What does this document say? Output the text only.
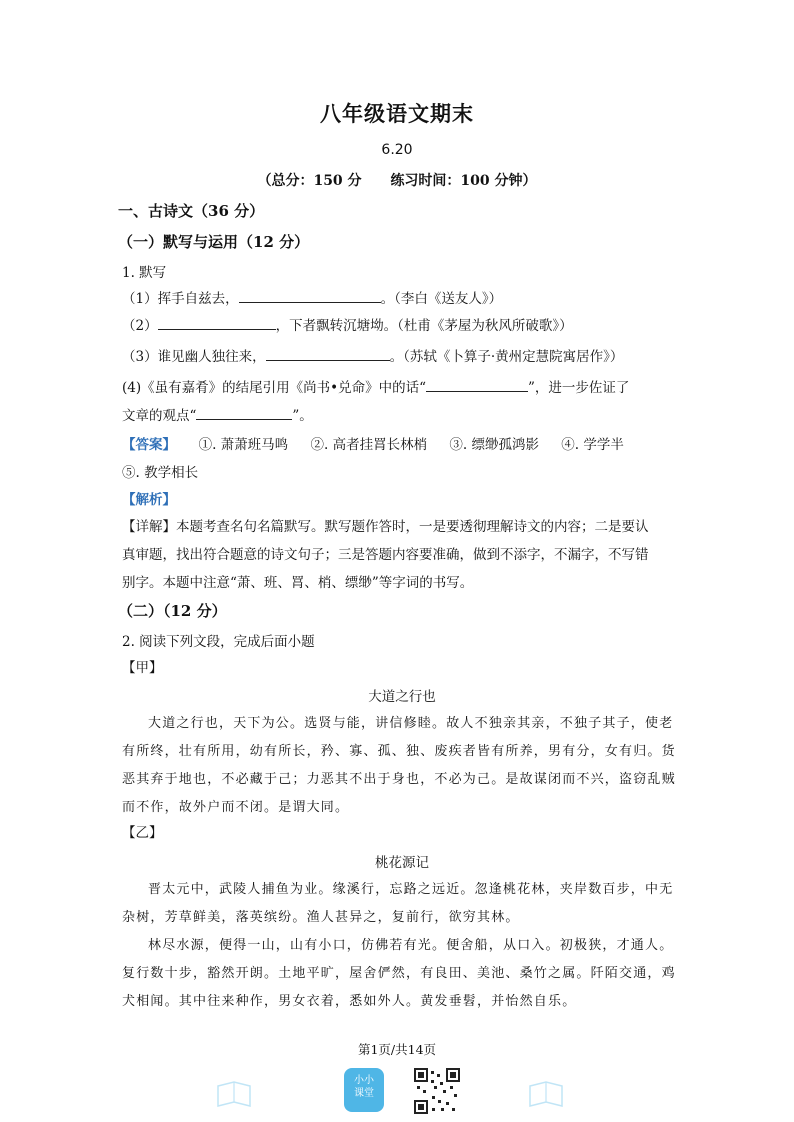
八年级语文期末
6.20
（总分：150 分 练习时间：100 分钟）
一、古诗文（36 分）
（一）默写与运用（12 分）
1. 默写
（1）挥手自兹去，	。（李白《送友人》）
（2）	，下者飘转沉塘坳。（杜甫《茅屋为秋风所破歌》）
（3）谁见幽人独往来，	。（苏轼《卜算子·黄州定慧院寓居作》）
(4)《虽有嘉肴》的结尾引用《尚书•兑命》中的话“	”，进一步佐证了
文章的观点“	”。
【答案】 ①. 萧萧班马鸣 ②. 高者挂罥长林梢 ③. 缥缈孤鸿影 ④. 学学半
⑤. 教学相长
【解析】
【详解】本题考查名句名篇默写。默写题作答时，一是要透彻理解诗文的内容；二是要认
真审题，找出符合题意的诗文句子；三是答题内容要准确，做到不添字，不漏字，不写错
别字。本题中注意“萧、班、罥、梢、缥缈”等字词的书写。
（二）（12 分）
2. 阅读下列文段，完成后面小题
【甲】
大道之行也
大道之行也，天下为公。选贤与能，讲信修睦。故人不独亲其亲，不独子其子，使老
有所终，壮有所用，幼有所长，矜、寡、孤、独、废疾者皆有所养，男有分，女有归。货
恶其弃于地也，不必藏于己；力恶其不出于身也，不必为己。是故谋闭而不兴，盗窃乱贼
而不作，故外户而不闭。是谓大同。
【乙】
桃花源记
晋太元中，武陵人捕鱼为业。缘溪行，忘路之远近。忽逢桃花林，夹岸数百步，中无
杂树，芳草鲜美，落英缤纷。渔人甚异之，复前行，欲穷其林。
林尽水源，便得一山，山有小口，仿佛若有光。便舍船，从口入。初极狭，才通人。
复行数十步，豁然开朗。土地平旷，屋舍俨然，有良田、美池、桑竹之属。阡陌交通，鸡
犬相闻。其中往来种作，男女衣着，悉如外人。黄发垂髫，并怡然自乐。
第1页/共14页
小小课堂
